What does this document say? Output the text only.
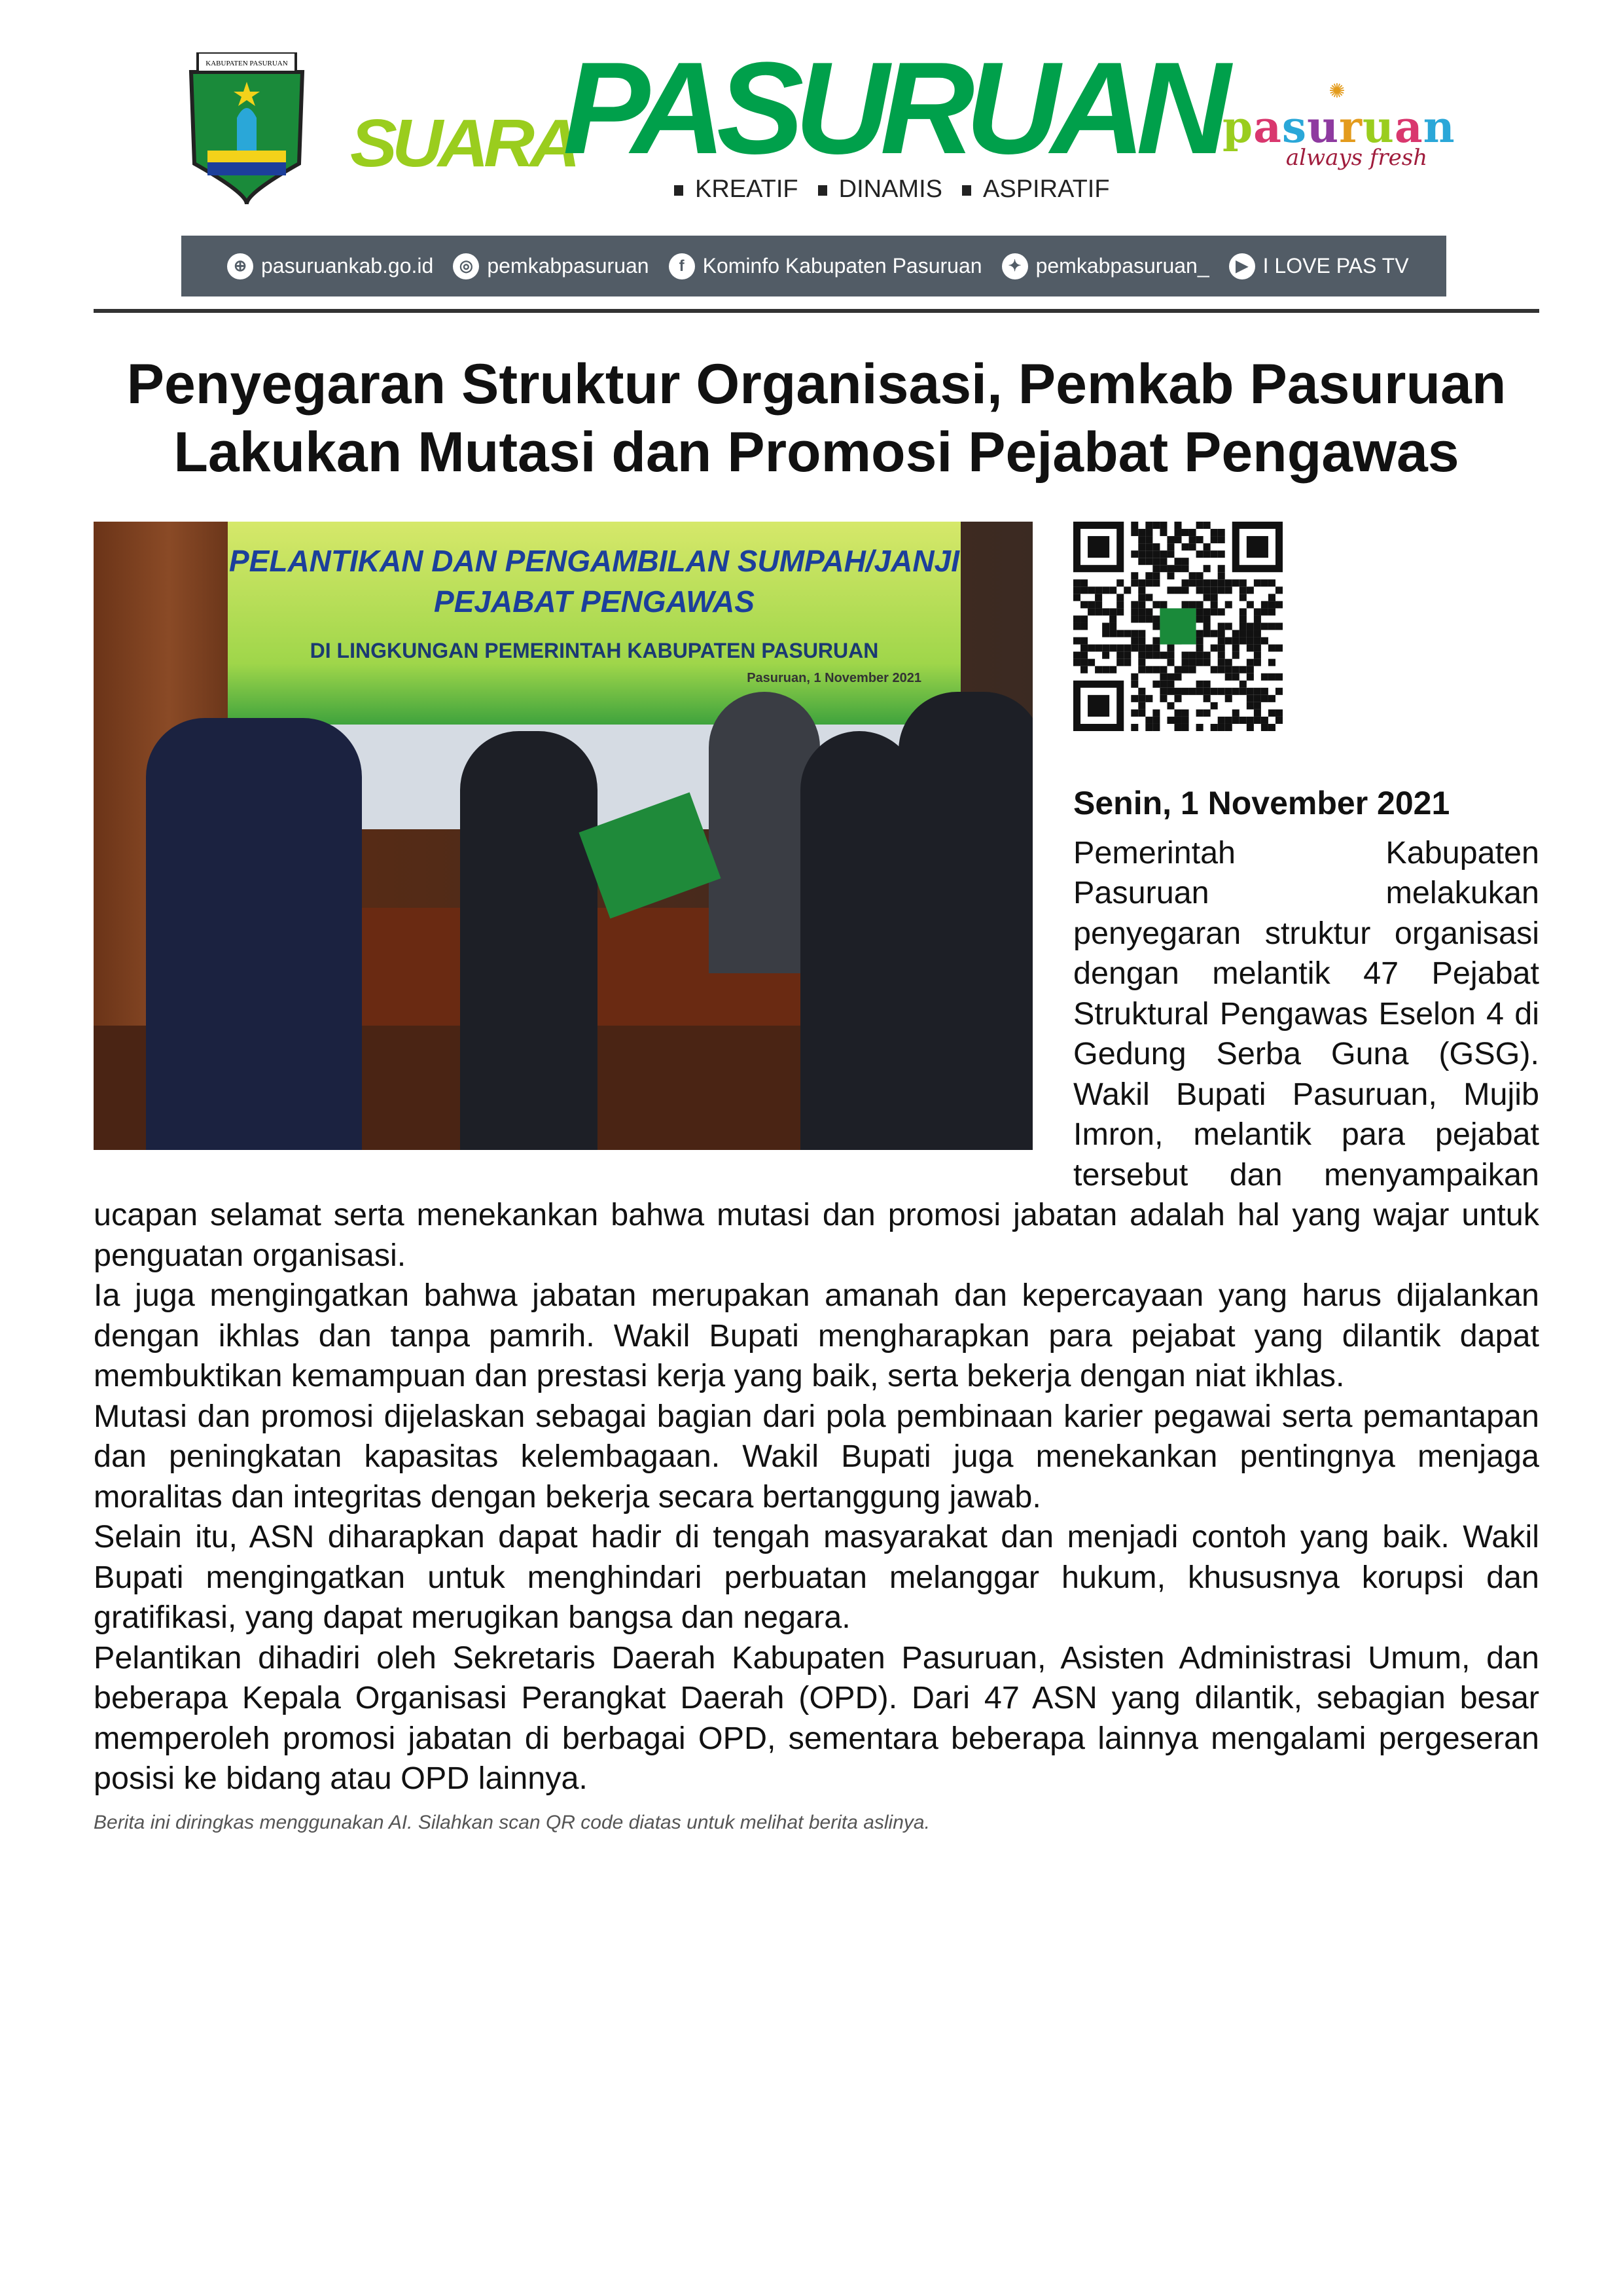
KABUPATEN PASURUAN
SUARA
PASURUAN
KREATIF	DINAMIS	ASPIRATIF
✺
pasuruan
always fresh
⊕ pasuruankab.go.id	◎ pemkabpasuruan	f Kominfo Kabupaten Pasuruan	✦ pemkabpasuruan_	▶ I LOVE PAS TV
Penyegaran Struktur Organisasi, Pemkab Pasuruan
Lakukan Mutasi dan Promosi Pejabat Pengawas
PELANTIKAN DAN PENGAMBILAN SUMPAH/JANJI
PEJABAT PENGAWAS
DI LINGKUNGAN PEMERINTAH KABUPATEN PASURUAN
Pasuruan, 1 November 2021
Senin, 1 November 2021

Pemerintah Kabupaten Pasuruan melakukan penyegaran struktur organisasi dengan melantik 47 Pejabat Struktural Pengawas Eselon 4 di Gedung Serba Guna (GSG). Wakil Bupati Pasuruan, Mujib Imron, melantik para pejabat tersebut dan menyampaikan ucapan selamat serta menekankan bahwa mutasi dan promosi jabatan adalah hal yang wajar untuk penguatan organisasi.

Ia juga mengingatkan bahwa jabatan merupakan amanah dan kepercayaan yang harus dijalankan dengan ikhlas dan tanpa pamrih. Wakil Bupati mengharapkan para pejabat yang dilantik dapat membuktikan kemampuan dan prestasi kerja yang baik, serta bekerja dengan niat ikhlas.

Mutasi dan promosi dijelaskan sebagai bagian dari pola pembinaan karier pegawai serta pemantapan dan peningkatan kapasitas kelembagaan. Wakil Bupati juga menekankan pentingnya menjaga moralitas dan integritas dengan bekerja secara bertanggung jawab.

Selain itu, ASN diharapkan dapat hadir di tengah masyarakat dan menjadi contoh yang baik. Wakil Bupati mengingatkan untuk menghindari perbuatan melanggar hukum, khususnya korupsi dan gratifikasi, yang dapat merugikan bangsa dan negara.

Pelantikan dihadiri oleh Sekretaris Daerah Kabupaten Pasuruan, Asisten Administrasi Umum, dan beberapa Kepala Organisasi Perangkat Daerah (OPD). Dari 47 ASN yang dilantik, sebagian besar memperoleh promosi jabatan di berbagai OPD, sementara beberapa lainnya mengalami pergeseran posisi ke bidang atau OPD lainnya.

Berita ini diringkas menggunakan AI. Silahkan scan QR code diatas untuk melihat berita aslinya.
